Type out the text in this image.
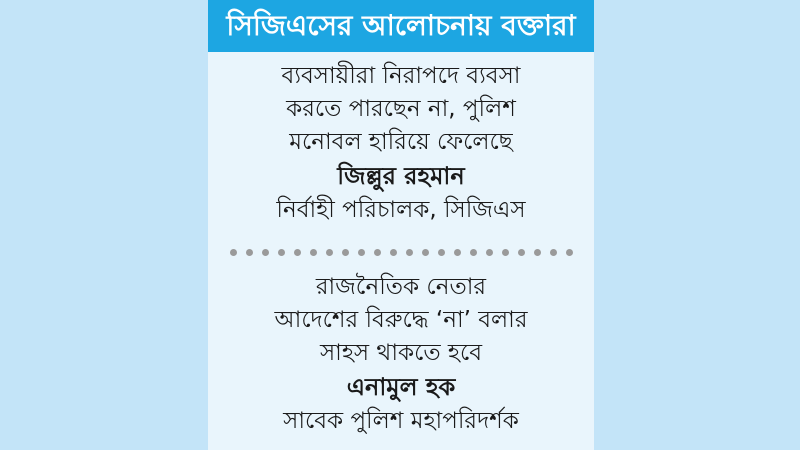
সিজিএসের আলোচনায় বক্তারা

ব্যবসায়ীরা নিরাপদে ব্যবসা

করতে পারছেন না, পুলিশ

মনোবল হারিয়ে ফেলেছে

জিল্লুর রহমান

নির্বাহী পরিচালক, সিজিএস

রাজনৈতিক নেতার

আদেশের বিরুদ্ধে ‘না’ বলার

সাহস থাকতে হবে

এনামুল হক

সাবেক পুলিশ মহাপরিদর্শক
